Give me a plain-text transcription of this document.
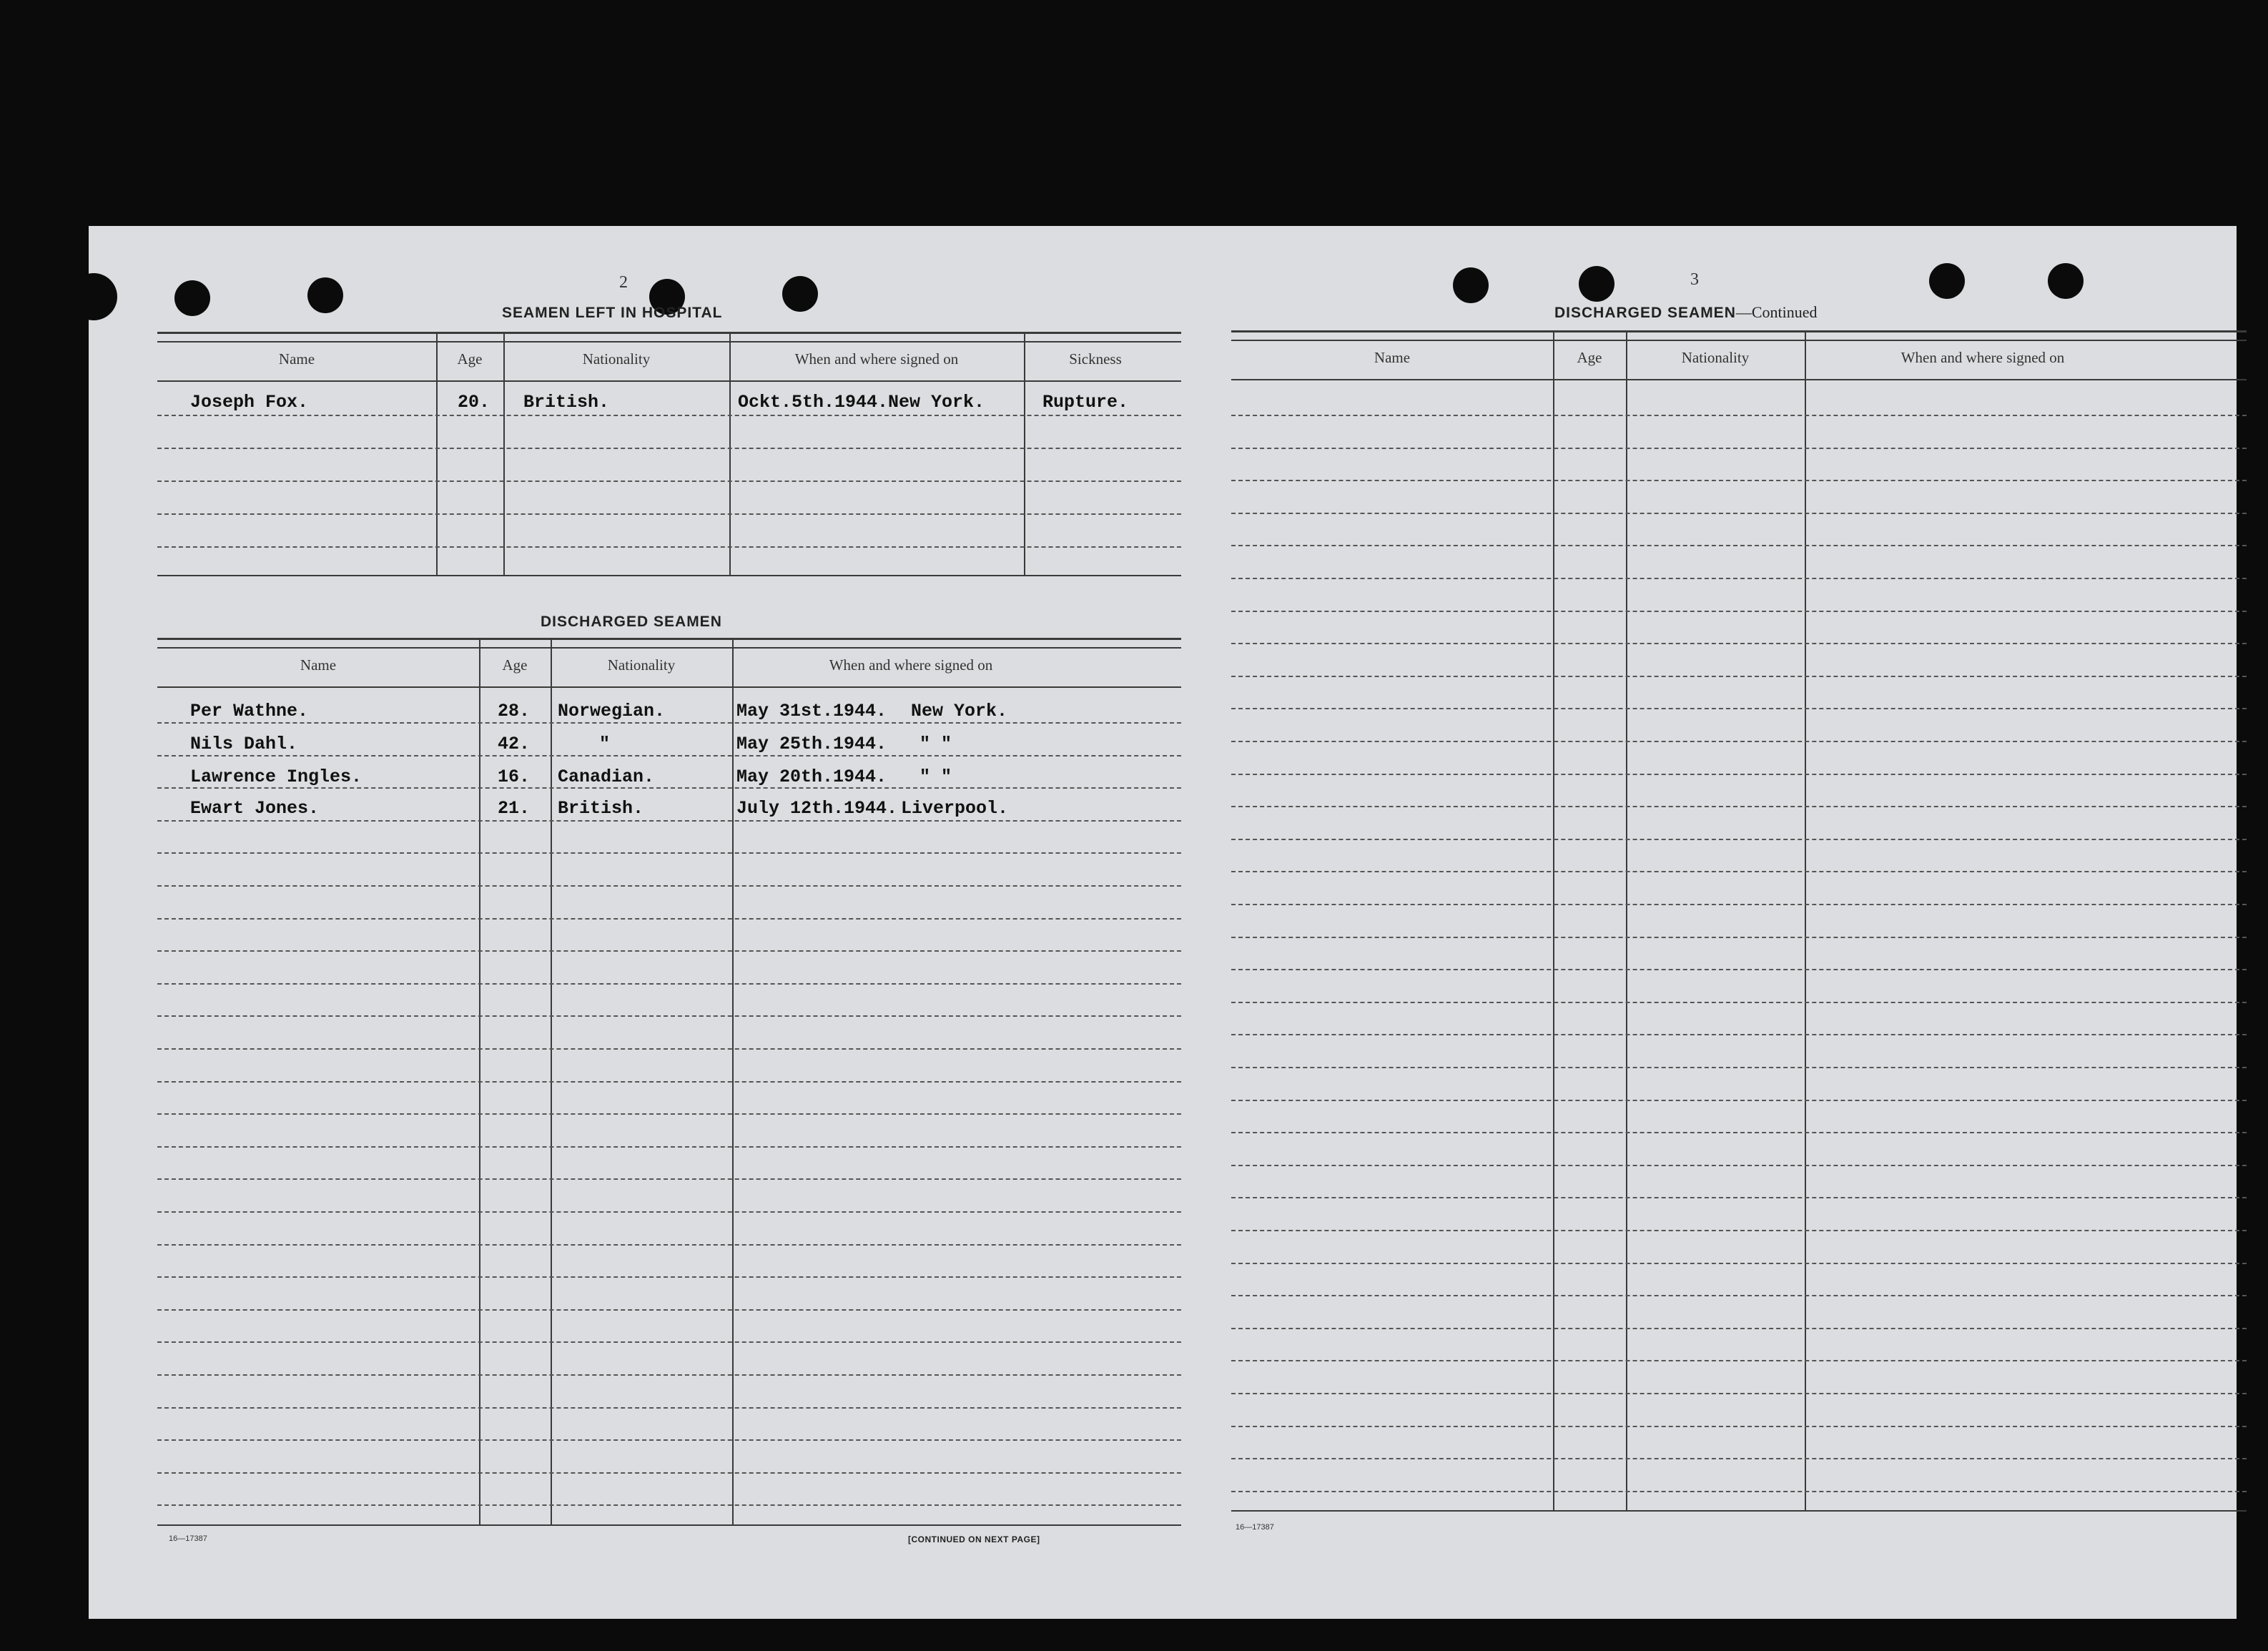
2
SEAMEN LEFT IN HOSPITAL
Name	Age	Nationality	When and where signed on	Sickness
Joseph Fox.	20. British.	Ockt.5th.1944.New York.	Rupture.
DISCHARGED SEAMEN
Name	Age	Nationality	When and where signed on
Per Wathne.	28. Norwegian.	May 31st.1944. New York.
Nils Dahl.	42.	"	May 25th.1944. " "
Lawrence Ingles.	16. Canadian.	May 20th.1944. " "
Ewart Jones.	21. British.	July 12th.1944. Liverpool.
16—17387	[CONTINUED ON NEXT PAGE]
3
DISCHARGED SEAMEN—Continued
Name	Age	Nationality	When and where signed on
16—17387
